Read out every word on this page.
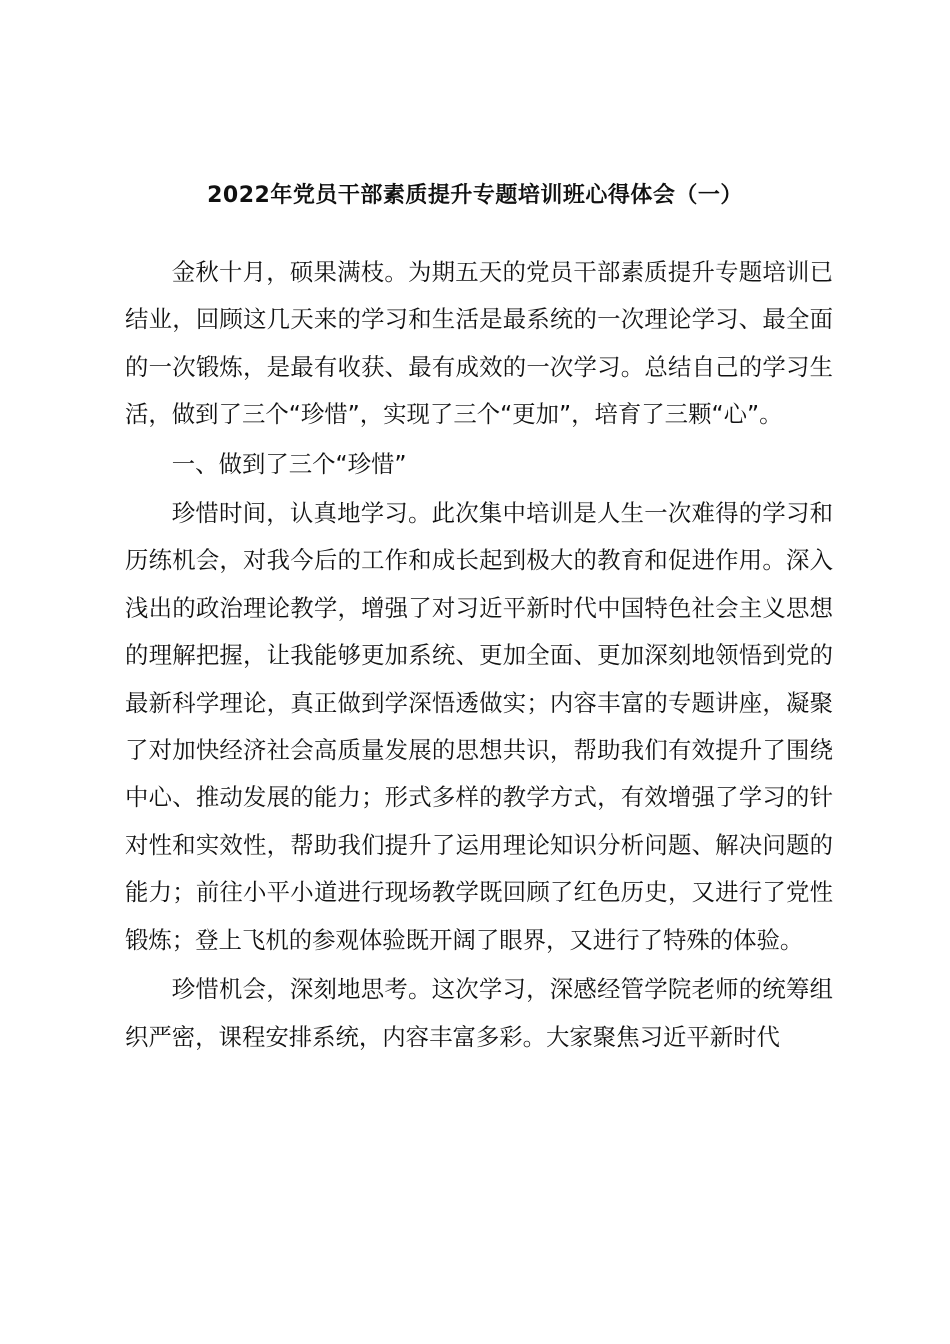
2022年党员干部素质提升专题培训班心得体会（一）

金秋十月，硕果满枝。为期五天的党员干部素质提升专题培训已结业，回顾这几天来的学习和生活是最系统的一次理论学习、最全面的一次锻炼，是最有收获、最有成效的一次学习。总结自己的学习生活，做到了三个“珍惜”，实现了三个“更加”，培育了三颗“心”。

一、做到了三个“珍惜”

珍惜时间，认真地学习。此次集中培训是人生一次难得的学习和历练机会，对我今后的工作和成长起到极大的教育和促进作用。深入浅出的政治理论教学，增强了对习近平新时代中国特色社会主义思想的理解把握，让我能够更加系统、更加全面、更加深刻地领悟到党的最新科学理论，真正做到学深悟透做实；内容丰富的专题讲座，凝聚了对加快经济社会高质量发展的思想共识，帮助我们有效提升了围绕中心、推动发展的能力；形式多样的教学方式，有效增强了学习的针对性和实效性，帮助我们提升了运用理论知识分析问题、解决问题的能力；前往小平小道进行现场教学既回顾了红色历史，又进行了党性锻炼；登上飞机的参观体验既开阔了眼界，又进行了特殊的体验。

珍惜机会，深刻地思考。这次学习，深感经管学院老师的统筹组织严密，课程安排系统，内容丰富多彩。大家聚焦习近平新时代
